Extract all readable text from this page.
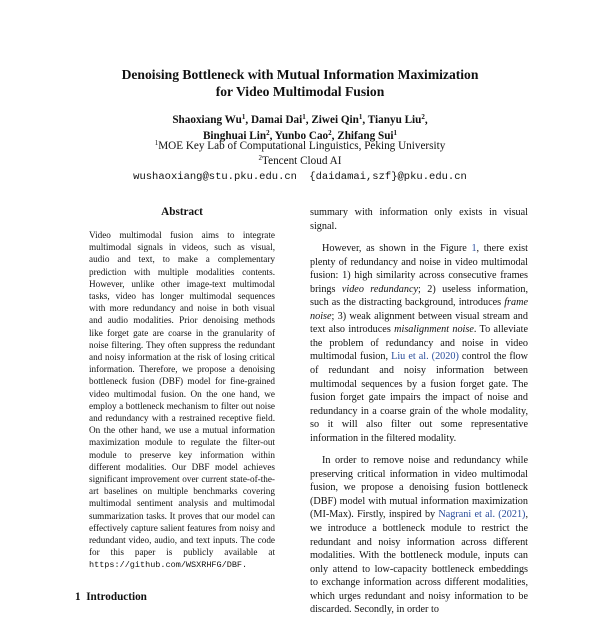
Denoising Bottleneck with Mutual Information Maximization
for Video Multimodal Fusion
Shaoxiang Wu$^1$, Damai Dai$^1$, Ziwei Qin$^1$, Tianyu Liu$^2$,
Binghuai Lin$^2$, Yunbo Cao$^2$, Zhifang Sui$^1$
$^1$MOE Key Lab of Computational Linguistics, Peking University
$^2$Tencent Cloud AI
wushaoxiang@stu.pku.edu.cn {daidamai,szf}@pku.edu.cn
Abstract
Video multimodal fusion aims to integrate multimodal signals in videos, such as visual, audio and text, to make a complementary prediction with multiple modalities contents. However, unlike other image-text multimodal tasks, video has longer multimodal sequences with more redundancy and noise in both visual and audio modalities. Prior denoising methods like forget gate are coarse in the granularity of noise filtering. They often suppress the redundant and noisy information at the risk of losing critical information. Therefore, we propose a denoising bottleneck fusion (DBF) model for fine-grained video multimodal fusion. On the one hand, we employ a bottleneck mechanism to filter out noise and redundancy with a restrained receptive field. On the other hand, we use a mutual information maximization module to regulate the filter-out module to preserve key information within different modalities. Our DBF model achieves significant improvement over current state-of-the-art baselines on multiple benchmarks covering multimodal sentiment analysis and multimodal summarization tasks. It proves that our model can effectively capture salient features from noisy and redundant video, audio, and text inputs. The code for this paper is publicly available at https://github.com/WSXRHFG/DBF.

summary with information only exists in visual signal.

However, as shown in the Figure 1, there exist plenty of redundancy and noise in video multimodal fusion: 1) high similarity across consecutive frames brings video redundancy; 2) useless information, such as the distracting background, introduces frame noise; 3) weak alignment between visual stream and text also introduces misalignment noise. To alleviate the problem of redundancy and noise in video multimodal fusion, Liu et al. (2020) control the flow of redundant and noisy information between multimodal sequences by a fusion forget gate. The fusion forget gate impairs the impact of noise and redundancy in a coarse grain of the whole modality, so it will also filter out some representative information in the filtered modality.

In order to remove noise and redundancy while preserving critical information in video multimodal fusion, we propose a denoising fusion bottleneck (DBF) model with mutual information maximization (MI-Max). Firstly, inspired by Nagrani et al. (2021), we introduce a bottleneck module to restrict the redundant and noisy information across different modalities. With the bottleneck module, inputs can only attend to low-capacity bottleneck embeddings to exchange information across different modalities, which urges redundant and noisy information to be discarded. Secondly, in order to

1 Introduction
